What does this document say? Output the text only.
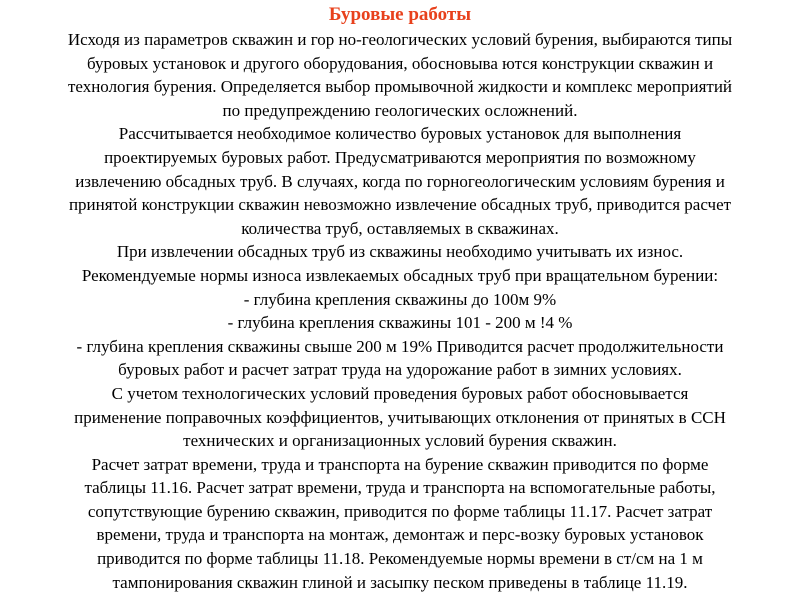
Буровые работы
Исходя из параметров скважин и гор но-геологических условий бурения, выбираются типы
буровых установок и другого оборудования, обосновыва ются конструкции скважин и
технология бурения. Определяется выбор промывочной жидкости и комплекс мероприятий
по предупреждению геологических осложнений.
Рассчитывается необходимое количество буровых установок для выполнения
проектируемых буровых работ. Предусматриваются мероприятия по возможному
извлечению обсадных труб. В случаях, когда по горногеологическим условиям бурения и
принятой конструкции скважин невозможно извлечение обсадных труб, приводится расчет
количества труб, оставляемых в скважинах.
При извлечении обсадных труб из скважины необходимо учитывать их износ.
Рекомендуемые нормы износа извлекаемых обсадных труб при вращательном бурении:
- глубина крепления скважины до 100м 9%
- глубина крепления скважины 101 - 200 м !4 %
- глубина крепления скважины свыше 200 м 19% Приводится расчет продолжительности
буровых работ и расчет затрат труда на удорожание работ в зимних условиях.
С учетом технологических условий проведения буровых работ обосновывается
применение поправочных коэффициентов, учитывающих отклонения от принятых в ССН
технических и организационных условий бурения скважин.
Расчет затрат времени, труда и транспорта на бурение скважин приводится по форме
таблицы 11.16. Расчет затрат времени, труда и транспорта на вспомогательные работы,
сопутствующие бурению скважин, приводится по форме таблицы 11.17. Расчет затрат
времени, труда и транспорта на монтаж, демонтаж и перс-возку буровых установок
приводится по форме таблицы 11.18. Рекомендуемые нормы времени в ст/см на 1 м
тампонирования скважин глиной и засыпку песком приведены в таблице 11.19.
